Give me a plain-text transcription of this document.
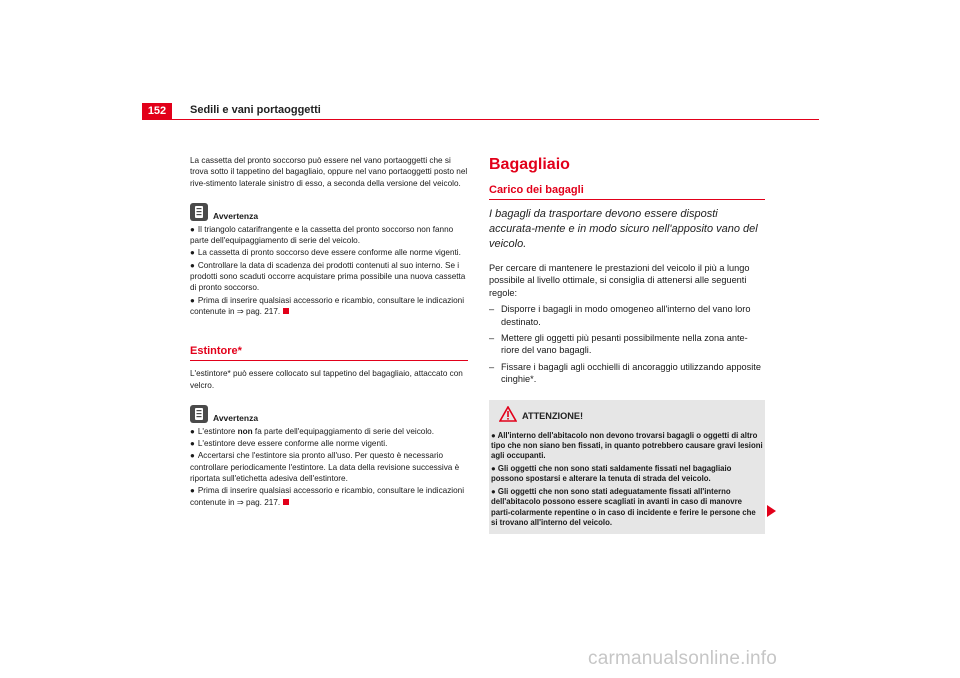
152	Sedili e vani portaoggetti

La cassetta del pronto soccorso può essere nel vano portaoggetti che si trova sotto il tappetino del bagagliaio, oppure nel vano portaoggetti posto nel rive-stimento laterale sinistro di esso, a seconda della versione del veicolo.

Avvertenza

● Il triangolo catarifrangente e la cassetta del pronto soccorso non fanno parte dell'equipaggiamento di serie del veicolo.

● La cassetta di pronto soccorso deve essere conforme alle norme vigenti.

● Controllare la data di scadenza dei prodotti contenuti al suo interno. Se i prodotti sono scaduti occorre acquistare prima possibile una nuova cassetta di pronto soccorso.

● Prima di inserire qualsiasi accessorio e ricambio, consultare le indicazioni contenute in ⇒ pag. 217.

Estintore*

L'estintore* può essere collocato sul tappetino del bagagliaio, attaccato con velcro.

Avvertenza

● L'estintore non fa parte dell'equipaggiamento di serie del veicolo.

● L'estintore deve essere conforme alle norme vigenti.

● Accertarsi che l'estintore sia pronto all'uso. Per questo è necessario controllare periodicamente l'estintore. La data della revisione successiva è riportata sull'etichetta adesiva dell'estintore.

● Prima di inserire qualsiasi accessorio e ricambio, consultare le indicazioni contenute in ⇒ pag. 217.

Bagagliaio
Carico dei bagagli

I bagagli da trasportare devono essere disposti accurata-mente e in modo sicuro nell'apposito vano del veicolo.

Per cercare di mantenere le prestazioni del veicolo il più a lungo possibile al livello ottimale, si consiglia di attenersi alle seguenti regole:

– Disporre i bagagli in modo omogeneo all'interno del vano loro destinato.
– Mettere gli oggetti più pesanti possibilmente nella zona ante-riore del vano bagagli.
– Fissare i bagagli agli occhielli di ancoraggio utilizzando apposite cinghie*.
ATTENZIONE!

● All'interno dell'abitacolo non devono trovarsi bagagli o oggetti di altro tipo che non siano ben fissati, in quanto potrebbero causare gravi lesioni agli occupanti.

● Gli oggetti che non sono stati saldamente fissati nel bagagliaio possono spostarsi e alterare la tenuta di strada del veicolo.

● Gli oggetti che non sono stati adeguatamente fissati all'interno dell'abitacolo possono essere scagliati in avanti in caso di manovre parti-colarmente repentine o in caso di incidente e ferire le persone che si trovano all'interno del veicolo.

carmanualsonline.info
